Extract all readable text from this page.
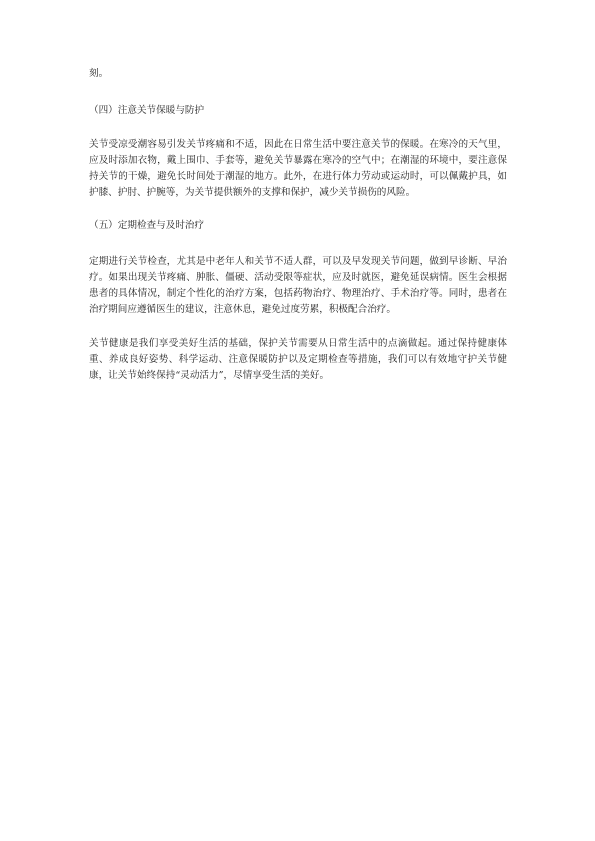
刻。

（四）注意关节保暖与防护

关节受凉受潮容易引发关节疼痛和不适，因此在日常生活中要注意关节的保暖。在寒冷的天气里，应及时添加衣物，戴上围巾、手套等，避免关节暴露在寒冷的空气中；在潮湿的环境中，要注意保持关节的干燥，避免长时间处于潮湿的地方。此外，在进行体力劳动或运动时，可以佩戴护具，如护膝、护肘、护腕等，为关节提供额外的支撑和保护，减少关节损伤的风险。

（五）定期检查与及时治疗

定期进行关节检查，尤其是中老年人和关节不适人群，可以及早发现关节问题，做到早诊断、早治疗。如果出现关节疼痛、肿胀、僵硬、活动受限等症状，应及时就医，避免延误病情。医生会根据患者的具体情况，制定个性化的治疗方案，包括药物治疗、物理治疗、手术治疗等。同时，患者在治疗期间应遵循医生的建议，注意休息，避免过度劳累，积极配合治疗。

关节健康是我们享受美好生活的基础，保护关节需要从日常生活中的点滴做起。通过保持健康体重、养成良好姿势、科学运动、注意保暖防护以及定期检查等措施，我们可以有效地守护关节健康，让关节始终保持“灵动活力”，尽情享受生活的美好。
